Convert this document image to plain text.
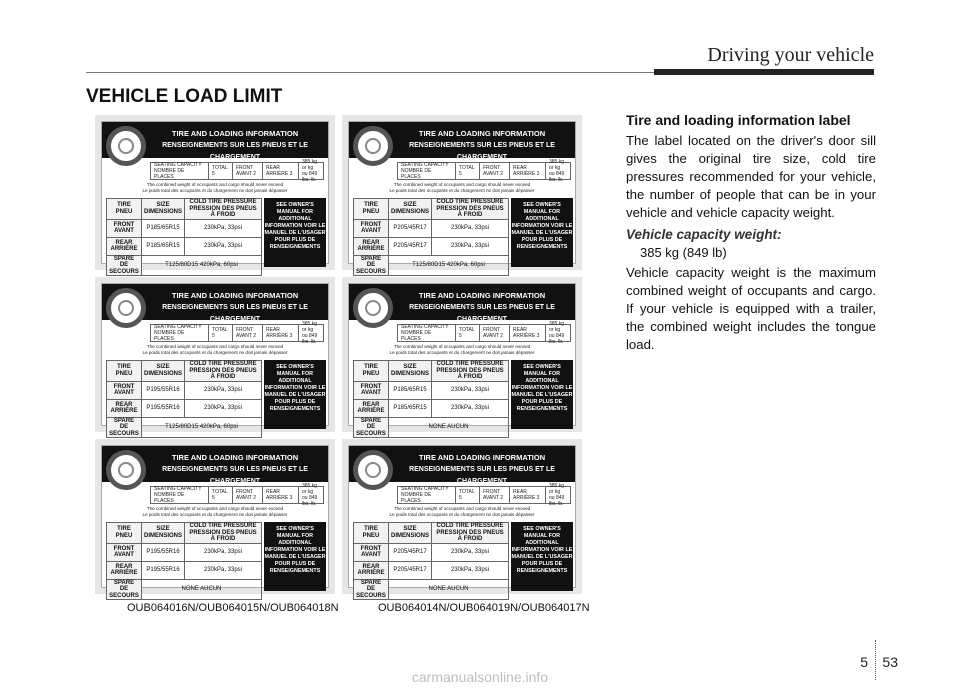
Driving your vehicle
VEHICLE LOAD LIMIT
TIRE AND LOADING INFORMATION
RENSEIGNEMENTS SUR LES PNEUS ET LE CHARGEMENT
SEATING CAPACITY NOMBRE DE PLACES
TOTAL 5
FRONT AVANT 2
REAR ARRIÈRE 3
385 kg or kg ou 849 lbs. lb.
The combined weight of occupants and cargo should never exceed
Le poids total des occupants et du chargement ne doit jamais dépasser
TIRE PNEU	SIZE DIMENSIONS	COLD TIRE PRESSURE PRESSION DES PNEUS À FROID
FRONT AVANT	P185/65R15	230kPa, 33psi
REAR ARRIÈRE	P185/65R15	230kPa, 33psi
SPARE DE SECOURS	T125/80D15 420kPa, 60psi	
SEE OWNER'S MANUAL FOR ADDITIONAL INFORMATION VOIR LE MANUEL DE L'USAGER POUR PLUS DE RENSEIGNEMENTS
TIRE AND LOADING INFORMATION
RENSEIGNEMENTS SUR LES PNEUS ET LE CHARGEMENT
SEATING CAPACITY NOMBRE DE PLACES
TOTAL 5
FRONT AVANT 2
REAR ARRIÈRE 3
385 kg or kg ou 849 lbs. lb.
The combined weight of occupants and cargo should never exceed
Le poids total des occupants et du chargement ne doit jamais dépasser
TIRE PNEU	SIZE DIMENSIONS	COLD TIRE PRESSURE PRESSION DES PNEUS À FROID
FRONT AVANT	P205/45R17	230kPa, 33psi
REAR ARRIÈRE	P205/45R17	230kPa, 33psi
SPARE DE SECOURS	T125/80D15 420kPa, 60psi	
SEE OWNER'S MANUAL FOR ADDITIONAL INFORMATION VOIR LE MANUEL DE L'USAGER POUR PLUS DE RENSEIGNEMENTS
TIRE AND LOADING INFORMATION
RENSEIGNEMENTS SUR LES PNEUS ET LE CHARGEMENT
SEATING CAPACITY NOMBRE DE PLACES
TOTAL 5
FRONT AVANT 2
REAR ARRIÈRE 3
385 kg or kg ou 849 lbs. lb.
The combined weight of occupants and cargo should never exceed
Le poids total des occupants et du chargement ne doit jamais dépasser
TIRE PNEU	SIZE DIMENSIONS	COLD TIRE PRESSURE PRESSION DES PNEUS À FROID
FRONT AVANT	P195/55R16	230kPa, 33psi
REAR ARRIÈRE	P195/55R16	230kPa, 33psi
SPARE DE SECOURS	T125/80D15 420kPa, 60psi	
SEE OWNER'S MANUAL FOR ADDITIONAL INFORMATION VOIR LE MANUEL DE L'USAGER POUR PLUS DE RENSEIGNEMENTS
TIRE AND LOADING INFORMATION
RENSEIGNEMENTS SUR LES PNEUS ET LE CHARGEMENT
SEATING CAPACITY NOMBRE DE PLACES
TOTAL 5
FRONT AVANT 2
REAR ARRIÈRE 3
385 kg or kg ou 849 lbs. lb.
The combined weight of occupants and cargo should never exceed
Le poids total des occupants et du chargement ne doit jamais dépasser
TIRE PNEU	SIZE DIMENSIONS	COLD TIRE PRESSURE PRESSION DES PNEUS À FROID
FRONT AVANT	P185/65R15	230kPa, 33psi
REAR ARRIÈRE	P185/65R15	230kPa, 33psi
SPARE DE SECOURS	NONE AUCUN	
SEE OWNER'S MANUAL FOR ADDITIONAL INFORMATION VOIR LE MANUEL DE L'USAGER POUR PLUS DE RENSEIGNEMENTS
TIRE AND LOADING INFORMATION
RENSEIGNEMENTS SUR LES PNEUS ET LE CHARGEMENT
SEATING CAPACITY NOMBRE DE PLACES
TOTAL 5
FRONT AVANT 2
REAR ARRIÈRE 3
385 kg or kg ou 849 lbs. lb.
The combined weight of occupants and cargo should never exceed
Le poids total des occupants et du chargement ne doit jamais dépasser
TIRE PNEU	SIZE DIMENSIONS	COLD TIRE PRESSURE PRESSION DES PNEUS À FROID
FRONT AVANT	P195/55R16	230kPa, 33psi
REAR ARRIÈRE	P195/55R16	230kPa, 33psi
SPARE DE SECOURS	NONE AUCUN	
SEE OWNER'S MANUAL FOR ADDITIONAL INFORMATION VOIR LE MANUEL DE L'USAGER POUR PLUS DE RENSEIGNEMENTS
TIRE AND LOADING INFORMATION
RENSEIGNEMENTS SUR LES PNEUS ET LE CHARGEMENT
SEATING CAPACITY NOMBRE DE PLACES
TOTAL 5
FRONT AVANT 2
REAR ARRIÈRE 3
385 kg or kg ou 849 lbs. lb.
The combined weight of occupants and cargo should never exceed
Le poids total des occupants et du chargement ne doit jamais dépasser
TIRE PNEU	SIZE DIMENSIONS	COLD TIRE PRESSURE PRESSION DES PNEUS À FROID
FRONT AVANT	P205/45R17	230kPa, 33psi
REAR ARRIÈRE	P205/45R17	230kPa, 33psi
SPARE DE SECOURS	NONE AUCUN	
SEE OWNER'S MANUAL FOR ADDITIONAL INFORMATION VOIR LE MANUEL DE L'USAGER POUR PLUS DE RENSEIGNEMENTS
OUB064016N/OUB064015N/OUB064018N	OUB064014N/OUB064019N/OUB064017N
Tire and loading information label
The label located on the driver's door sill gives the original tire size, cold tire pressures recommended for your vehicle, the number of people that can be in your vehicle and vehicle capacity weight.
Vehicle capacity weight:
385 kg (849 lb)
Vehicle capacity weight is the maximum combined weight of occupants and cargo. If your vehicle is equipped with a trailer, the combined weight includes the tongue load.
5 53
carmanualsonline.info
